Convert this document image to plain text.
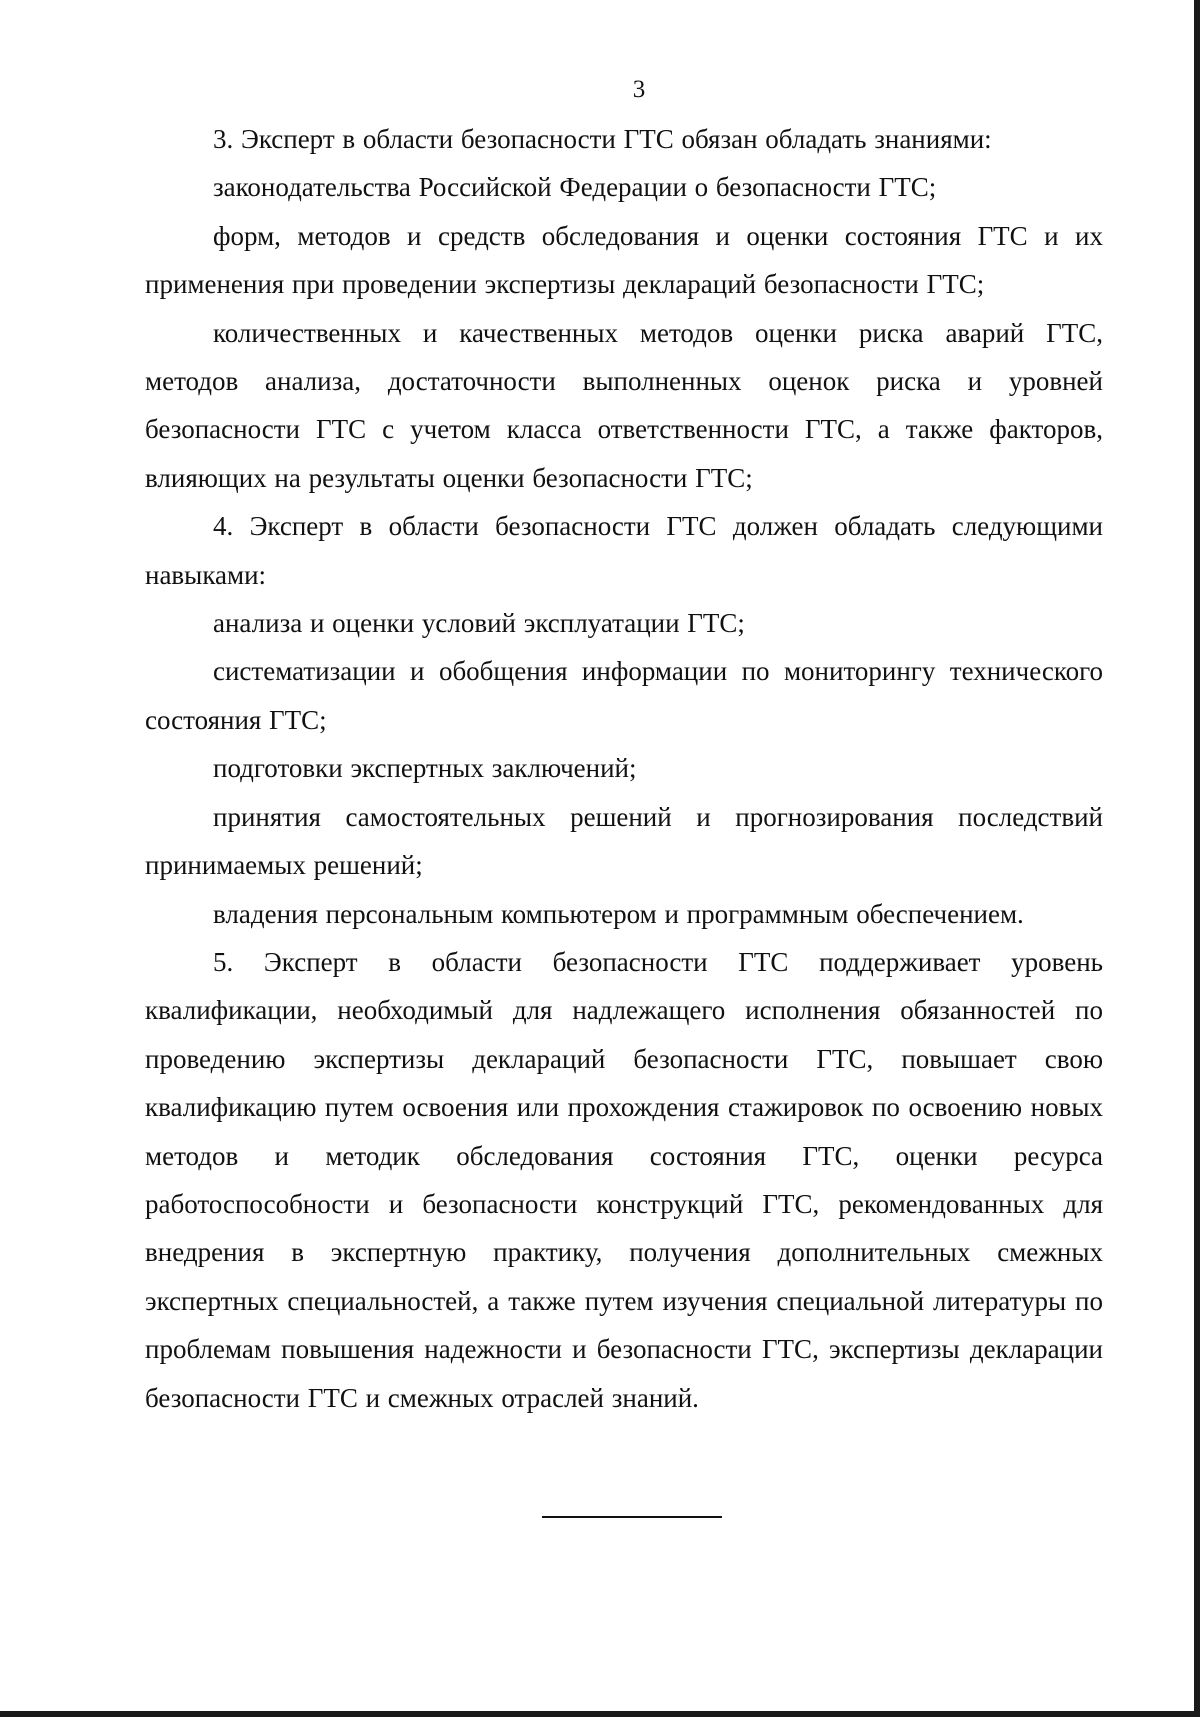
3

3. Эксперт в области безопасности ГТС обязан обладать знаниями:

законодательства Российской Федерации о безопасности ГТС;

форм, методов и средств обследования и оценки состояния ГТС и их применения при проведении экспертизы деклараций безопасности ГТС;

количественных и качественных методов оценки риска аварий ГТС, методов анализа, достаточности выполненных оценок риска и уровней безопасности ГТС с учетом класса ответственности ГТС, а также факторов, влияющих на результаты оценки безопасности ГТС;

4. Эксперт в области безопасности ГТС должен обладать следующими навыками:

анализа и оценки условий эксплуатации ГТС;

систематизации и обобщения информации по мониторингу технического состояния ГТС;

подготовки экспертных заключений;

принятия самостоятельных решений и прогнозирования последствий принимаемых решений;

владения персональным компьютером и программным обеспечением.

5. Эксперт в области безопасности ГТС поддерживает уровень квалификации, необходимый для надлежащего исполнения обязанностей по проведению экспертизы деклараций безопасности ГТС, повышает свою квалификацию путем освоения или прохождения стажировок по освоению новых методов и методик обследования состояния ГТС, оценки ресурса работоспособности и безопасности конструкций ГТС, рекомендованных для внедрения в экспертную практику, получения дополнительных смежных экспертных специальностей, а также путем изучения специальной литературы по проблемам повышения надежности и безопасности ГТС, экспертизы декларации безопасности ГТС и смежных отраслей знаний.
